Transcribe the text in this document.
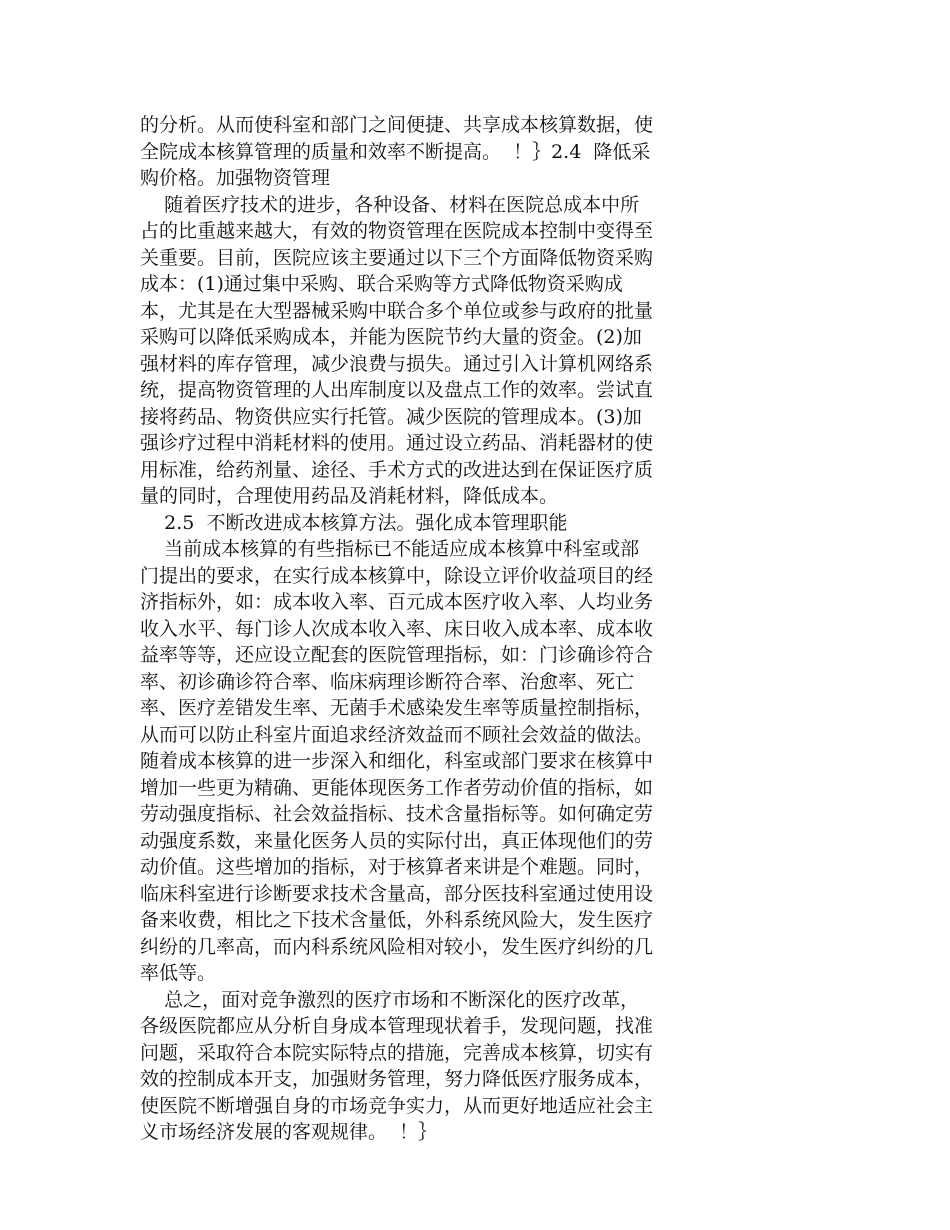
的分析。从而使科室和部门之间便捷、共享成本核算数据，使
全院成本核算管理的质量和效率不断提高。  ！｝2.4  降低采
购价格。加强物资管理
随着医疗技术的进步，各种设备、材料在医院总成本中所
占的比重越来越大，有效的物资管理在医院成本控制中变得至
关重要。目前，医院应该主要通过以下三个方面降低物资采购
成本：(1)通过集中采购、联合采购等方式降低物资采购成
本，尤其是在大型器械采购中联合多个单位或参与政府的批量
采购可以降低采购成本，并能为医院节约大量的资金。(2)加
强材料的库存管理，减少浪费与损失。通过引入计算机网络系
统，提高物资管理的人出库制度以及盘点工作的效率。尝试直
接将药品、物资供应实行托管。减少医院的管理成本。(3)加
强诊疗过程中消耗材料的使用。通过设立药品、消耗器材的使
用标准，给药剂量、途径、手术方式的改进达到在保证医疗质
量的同时，合理使用药品及消耗材料，降低成本。
2.5  不断改进成本核算方法。强化成本管理职能
当前成本核算的有些指标已不能适应成本核算中科室或部
门提出的要求，在实行成本核算中，除设立评价收益项目的经
济指标外，如：成本收入率、百元成本医疗收入率、人均业务
收入水平、每门诊人次成本收入率、床日收入成本率、成本收
益率等等，还应设立配套的医院管理指标，如：门诊确诊符合
率、初诊确诊符合率、临床病理诊断符合率、治愈率、死亡
率、医疗差错发生率、无菌手术感染发生率等质量控制指标，
从而可以防止科室片面追求经济效益而不顾社会效益的做法。
随着成本核算的进一步深入和细化，科室或部门要求在核算中
增加一些更为精确、更能体现医务工作者劳动价值的指标，如
劳动强度指标、社会效益指标、技术含量指标等。如何确定劳
动强度系数，来量化医务人员的实际付出，真正体现他们的劳
动价值。这些增加的指标，对于核算者来讲是个难题。同时，
临床科室进行诊断要求技术含量高，部分医技科室通过使用设
备来收费，相比之下技术含量低，外科系统风险大，发生医疗
纠纷的几率高，而内科系统风险相对较小，发生医疗纠纷的几
率低等。
总之，面对竞争激烈的医疗市场和不断深化的医疗改革，
各级医院都应从分析自身成本管理现状着手，发现问题，找准
问题，采取符合本院实际特点的措施，完善成本核算，切实有
效的控制成本开支，加强财务管理，努力降低医疗服务成本，
使医院不断增强自身的市场竞争实力，从而更好地适应社会主
义市场经济发展的客观规律。  ！｝
